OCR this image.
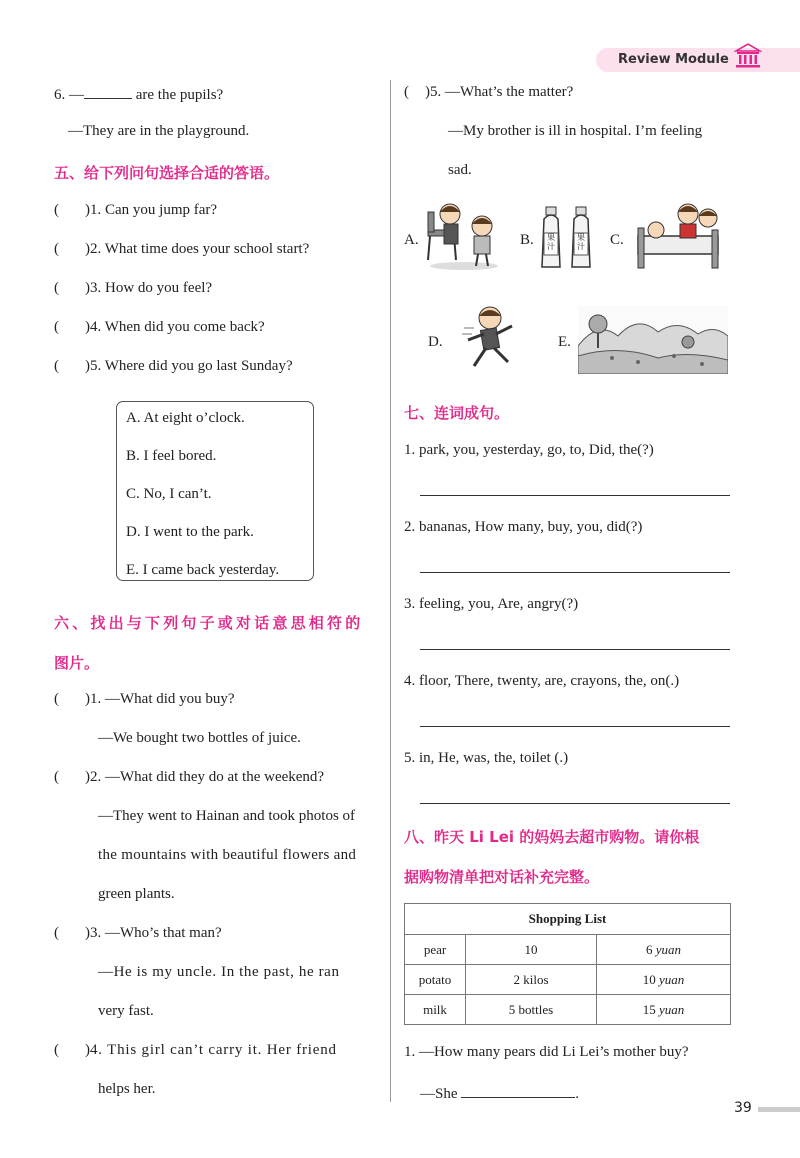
Review Module
6. —	are the pupils?
—They are in the playground.
五、给下列问句选择合适的答语。
( )1. Can you jump far?
( )2. What time does your school start?
( )3. How do you feel?
( )4. When did you come back?
( )5. Where did you go last Sunday?
A. At eight o’clock.
B. I feel bored.
C. No, I can’t.
D. I went to the park.
E. I came back yesterday.
六、找出与下列句子或对话意思相符的
图片。
( )1. —What did you buy?
—We bought two bottles of juice.
( )2. —What did they do at the weekend?
—They went to Hainan and took photos of
the mountains with beautiful flowers and
green plants.
( )3. —Who’s that man?
—He is my uncle. In the past, he ran
very fast.
( )4. This girl can’t carry it. Her friend
helps her.
( )5. —What’s the matter?
—My brother is ill in hospital. I’m feeling
sad.
A.	B. 果汁
果汁 C.
D.	E.
七、连词成句。
1. park, you, yesterday, go, to, Did, the(?)
2. bananas, How many, buy, you, did(?)
3. feeling, you, Are, angry(?)
4. floor, There, twenty, are, crayons, the, on(.)
5. in, He, was, the, toilet (.)
八、昨天 Li Lei 的妈妈去超市购物。请你根
据购物清单把对话补充完整。
Shopping List		
pear	10	6 yuan
potato	2 kilos	10 yuan
milk	5 bottles	15 yuan
1. —How many pears did Li Lei’s mother buy?
—She	.
39
